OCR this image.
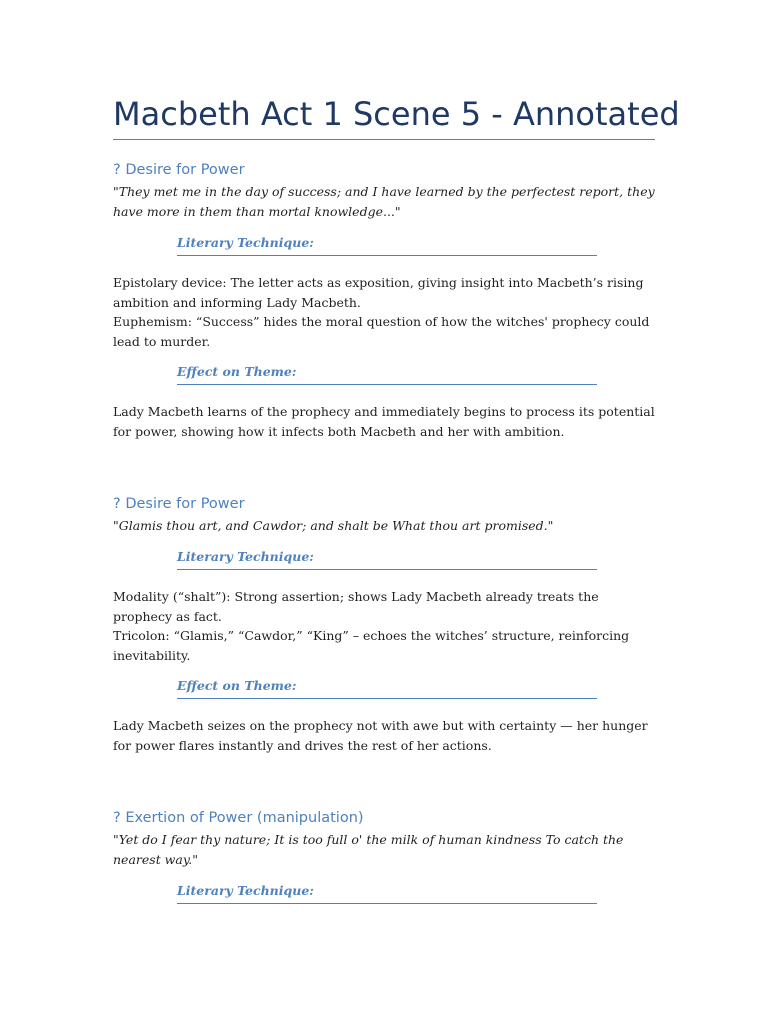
Macbeth Act 1 Scene 5 - Annotated
? Desire for Power

"They met me in the day of success; and I have learned by the perfectest report, they have more in them than mortal knowledge..."

Literary Technique:

Epistolary device: The letter acts as exposition, giving insight into Macbeth’s rising ambition and informing Lady Macbeth.

Euphemism: “Success” hides the moral question of how the witches' prophecy could lead to murder.

Effect on Theme:

Lady Macbeth learns of the prophecy and immediately begins to process its potential for power, showing how it infects both Macbeth and her with ambition.

? Desire for Power

"Glamis thou art, and Cawdor; and shalt be What thou art promised."

Literary Technique:

Modality (“shalt”): Strong assertion; shows Lady Macbeth already treats the prophecy as fact.

Tricolon: “Glamis,” “Cawdor,” “King” – echoes the witches’ structure, reinforcing inevitability.

Effect on Theme:

Lady Macbeth seizes on the prophecy not with awe but with certainty — her hunger for power flares instantly and drives the rest of her actions.

? Exertion of Power (manipulation)

"Yet do I fear thy nature; It is too full o' the milk of human kindness To catch the nearest way."

Literary Technique:
